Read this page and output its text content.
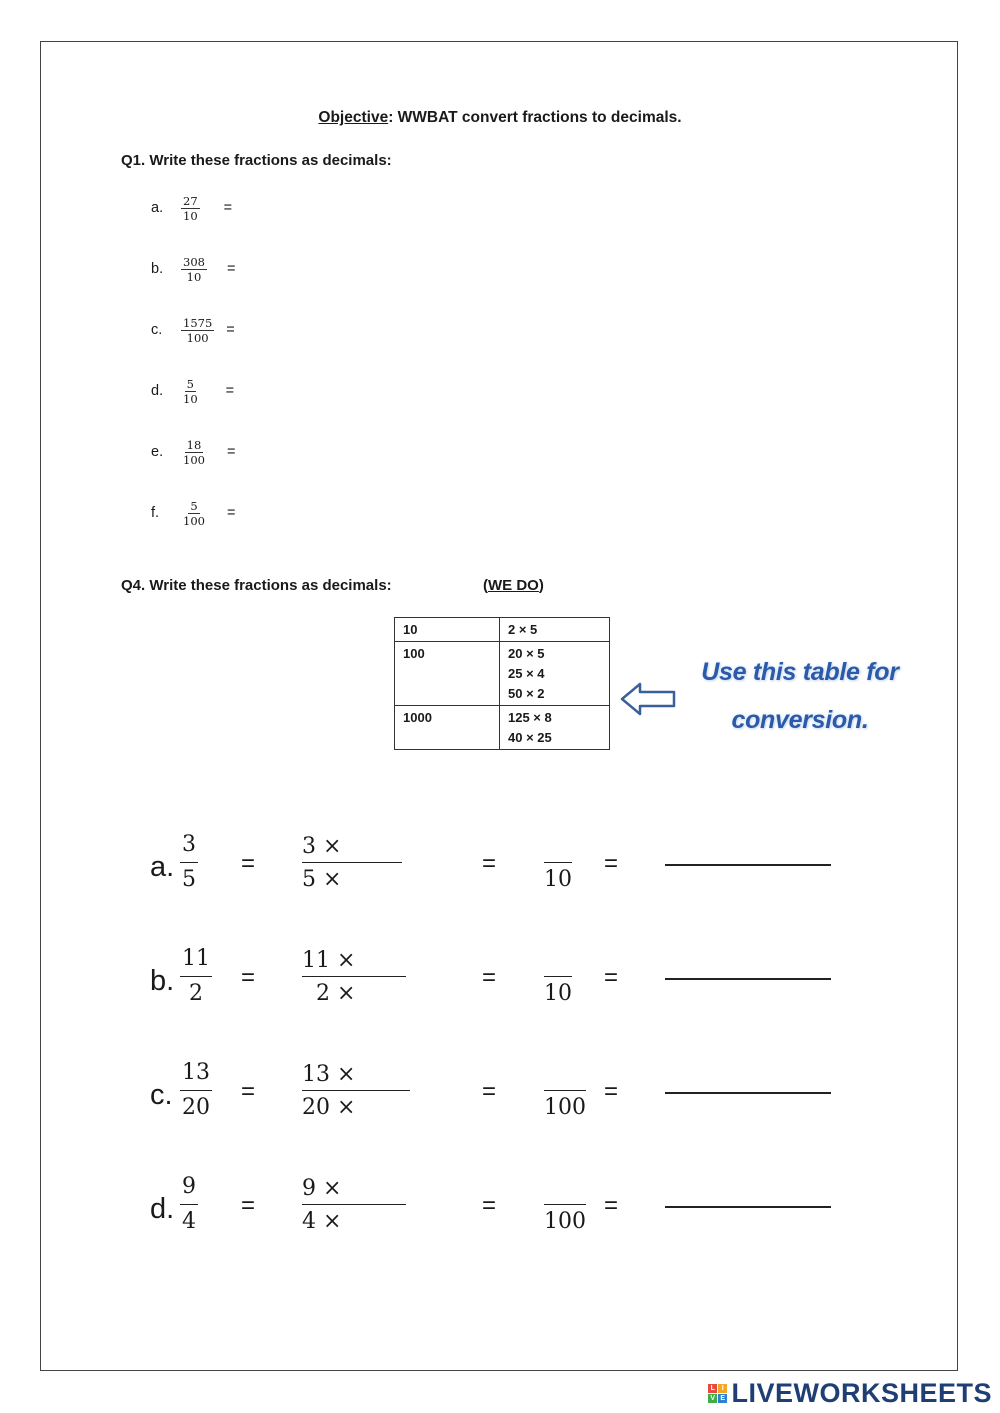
Objective: WWBAT convert fractions to decimals.
Q1. Write these fractions as decimals:
a.	$\frac{27}{10}$ =
b.	$\frac{308}{10}$ =
c.	$\frac{1575}{100}$ =
d.	$\frac{5}{10}$ =
e.	$\frac{18}{100}$ =
f.	$\frac{5}{100}$ =
Q4. Write these fractions as decimals:	(WE DO)
10	2 × 5

100	20 × 5
25 × 4
50 × 2

1000	125 × 8
40 × 25
Use this table for
conversion.
a. $\frac{3}{5} = \frac{3 \times}{5 \times}$	=
10
=
b. $\frac{11}{2} = \frac{11 \times}{2 \times}$	=
10
=
c. $\frac{13}{20} = \frac{13 \times}{20 \times}$	=
100
=
d. $\frac{9}{4} = \frac{9 \times}{4 \times}$	=
100
=
L I
V E LIVEWORKSHEETS
